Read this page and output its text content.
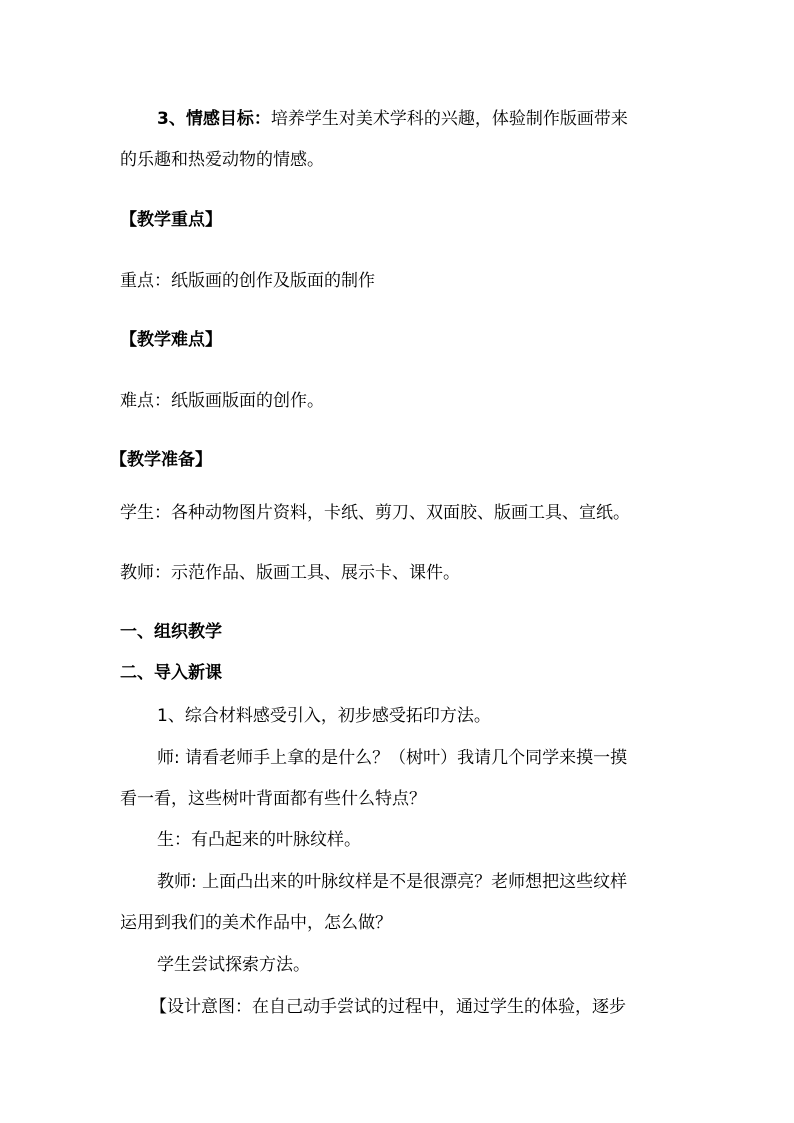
3、情感目标：培养学生对美术学科的兴趣，体验制作版画带来
的乐趣和热爱动物的情感。
【教学重点】
重点：纸版画的创作及版面的制作
【教学难点】
难点：纸版画版面的创作。
【教学准备】
学生：各种动物图片资料，卡纸、剪刀、双面胶、版画工具、宣纸。
教师：示范作品、版画工具、展示卡、课件。
一、组织教学
二、导入新课
1、综合材料感受引入，初步感受拓印方法。
师: 请看老师手上拿的是什么？（树叶）我请几个同学来摸一摸
看一看，这些树叶背面都有些什么特点？
生：有凸起来的叶脉纹样。
教师: 上面凸出来的叶脉纹样是不是很漂亮？老师想把这些纹样
运用到我们的美术作品中，怎么做？
学生尝试探索方法。
【设计意图：在自己动手尝试的过程中，通过学生的体验，逐步
